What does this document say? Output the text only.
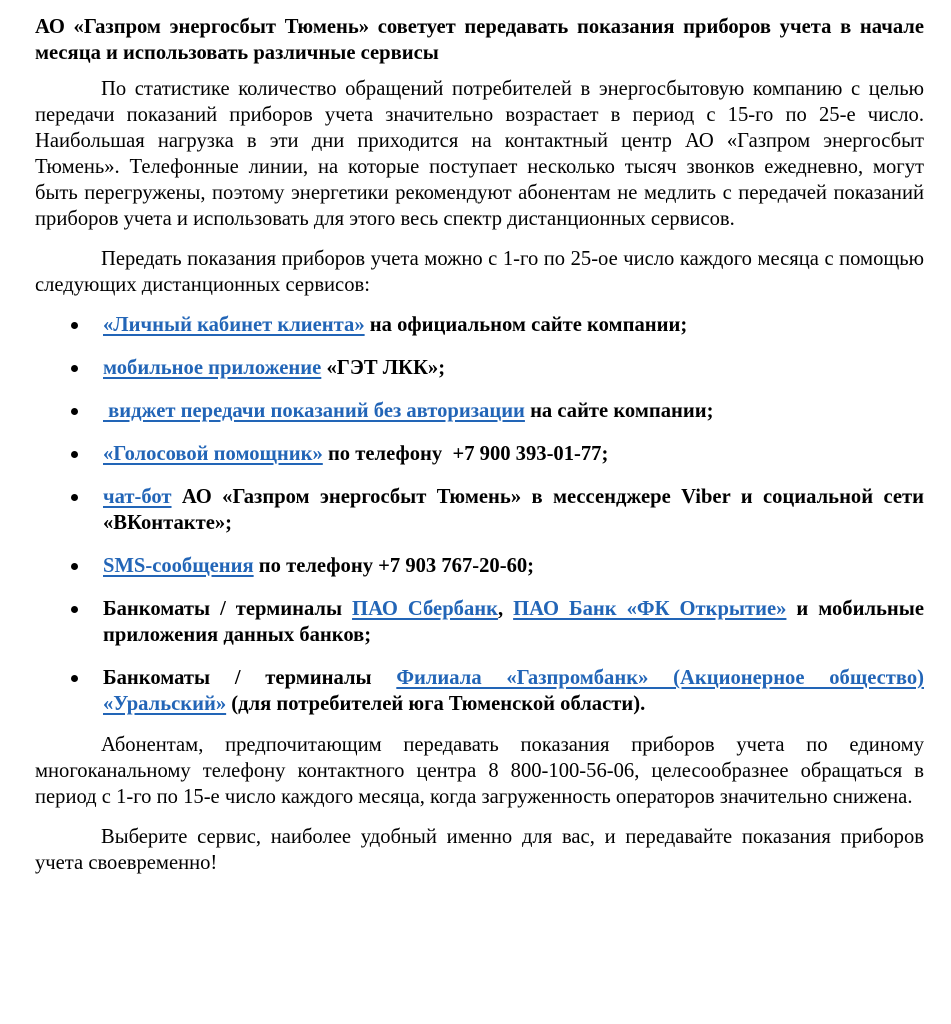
АО «Газпром энергосбыт Тюмень» советует передавать показания приборов учета в начале месяца и использовать различные сервисы

По статистике количество обращений потребителей в энергосбытовую компанию с целью передачи показаний приборов учета значительно возрастает в период с 15-го по 25-е число. Наибольшая нагрузка в эти дни приходится на контактный центр АО «Газпром энергосбыт Тюмень». Телефонные линии, на которые поступает несколько тысяч звонков ежедневно, могут быть перегружены, поэтому энергетики рекомендуют абонентам не медлить с передачей показаний приборов учета и использовать для этого весь спектр дистанционных сервисов.

Передать показания приборов учета можно с 1-го по 25-ое число каждого месяца с помощью следующих дистанционных сервисов:

«Личный кабинет клиента» на официальном сайте компании;
мобильное приложение «ГЭТ ЛКК»;
виджет передачи показаний без авторизации на сайте компании;
«Голосовой помощник» по телефону  +7 900 393-01-77;
чат-бот АО «Газпром энергосбыт Тюмень» в мессенджере Viber и социальной сети «ВКонтакте»;
SMS-сообщения по телефону +7 903 767-20-60;
Банкоматы / терминалы ПАО Сбербанк, ПАО Банк «ФК Открытие» и мобильные приложения данных банков;
Банкоматы / терминалы Филиала «Газпромбанк» (Акционерное общество) «Уральский» (для потребителей юга Тюменской области).

Абонентам, предпочитающим передавать показания приборов учета по единому многоканальному телефону контактного центра 8 800-100-56-06, целесообразнее обращаться в период с 1-го по 15-е число каждого месяца, когда загруженность операторов значительно снижена.

Выберите сервис, наиболее удобный именно для вас, и передавайте показания приборов учета своевременно!
